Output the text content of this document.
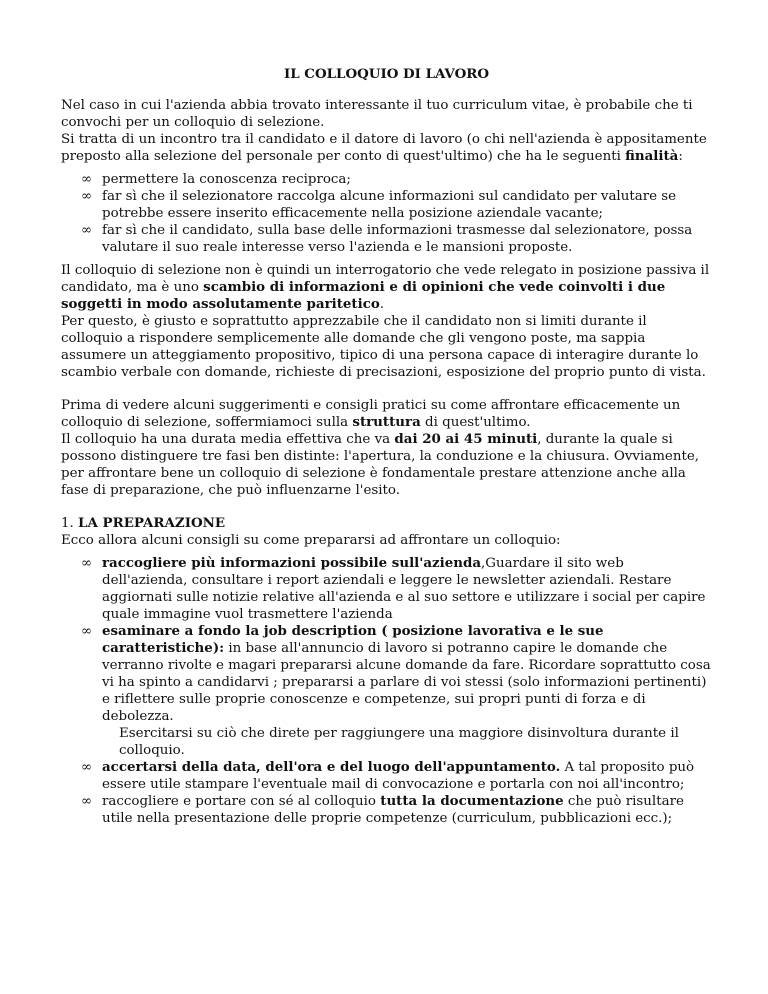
IL COLLOQUIO DI LAVORO

Nel caso in cui l'azienda abbia trovato interessante il tuo curriculum vitae, è probabile che ti convochi per un colloquio di selezione.

Si tratta di un incontro tra il candidato e il datore di lavoro (o chi nell'azienda è appositamente preposto alla selezione del personale per conto di quest'ultimo) che ha le seguenti finalità:

∞ permettere la conoscenza reciproca;
∞ far sì che il selezionatore raccolga alcune informazioni sul candidato per valutare se potrebbe essere inserito efficacemente nella posizione aziendale vacante;
∞ far sì che il candidato, sulla base delle informazioni trasmesse dal selezionatore, possa valutare il suo reale interesse verso l'azienda e le mansioni proposte.

Il colloquio di selezione non è quindi un interrogatorio che vede relegato in posizione passiva il candidato, ma è uno scambio di informazioni e di opinioni che vede coinvolti i due soggetti in modo assolutamente paritetico.

Per questo, è giusto e soprattutto apprezzabile che il candidato non si limiti durante il colloquio a rispondere semplicemente alle domande che gli vengono poste, ma sappia assumere un atteggiamento propositivo, tipico di una persona capace di interagire durante lo scambio verbale con domande, richieste di precisazioni, esposizione del proprio punto di vista.

Prima di vedere alcuni suggerimenti e consigli pratici su come affrontare efficacemente un colloquio di selezione, soffermiamoci sulla struttura di quest'ultimo.

Il colloquio ha una durata media effettiva che va dai 20 ai 45 minuti, durante la quale si possono distinguere tre fasi ben distinte: l'apertura, la conduzione e la chiusura. Ovviamente, per affrontare bene un colloquio di selezione è fondamentale prestare attenzione anche alla fase di preparazione, che può influenzarne l'esito.

1. LA PREPARAZIONE

Ecco allora alcuni consigli su come prepararsi ad affrontare un colloquio:

∞ raccogliere più informazioni possibile sull'azienda,Guardare il sito web dell'azienda, consultare i report aziendali e leggere le newsletter aziendali. Restare aggiornati sulle notizie relative all'azienda e al suo settore e utilizzare i social per capire quale immagine vuol trasmettere l'azienda
∞ esaminare a fondo la job description ( posizione lavorativa e le sue caratteristiche): in base all'annuncio di lavoro si potranno capire le domande che verranno rivolte e magari prepararsi alcune domande da fare. Ricordare soprattutto cosa vi ha spinto a candidarvi ; prepararsi a parlare di voi stessi (solo informazioni pertinenti) e riflettere sulle proprie conoscenze e competenze, sui propri punti di forza e di debolezza.
Esercitarsi su ciò che direte per raggiungere una maggiore disinvoltura durante il colloquio.
∞ accertarsi della data, dell'ora e del luogo dell'appuntamento. A tal proposito può essere utile stampare l'eventuale mail di convocazione e portarla con noi all'incontro;
∞ raccogliere e portare con sé al colloquio tutta la documentazione che può risultare utile nella presentazione delle proprie competenze (curriculum, pubblicazioni ecc.);
